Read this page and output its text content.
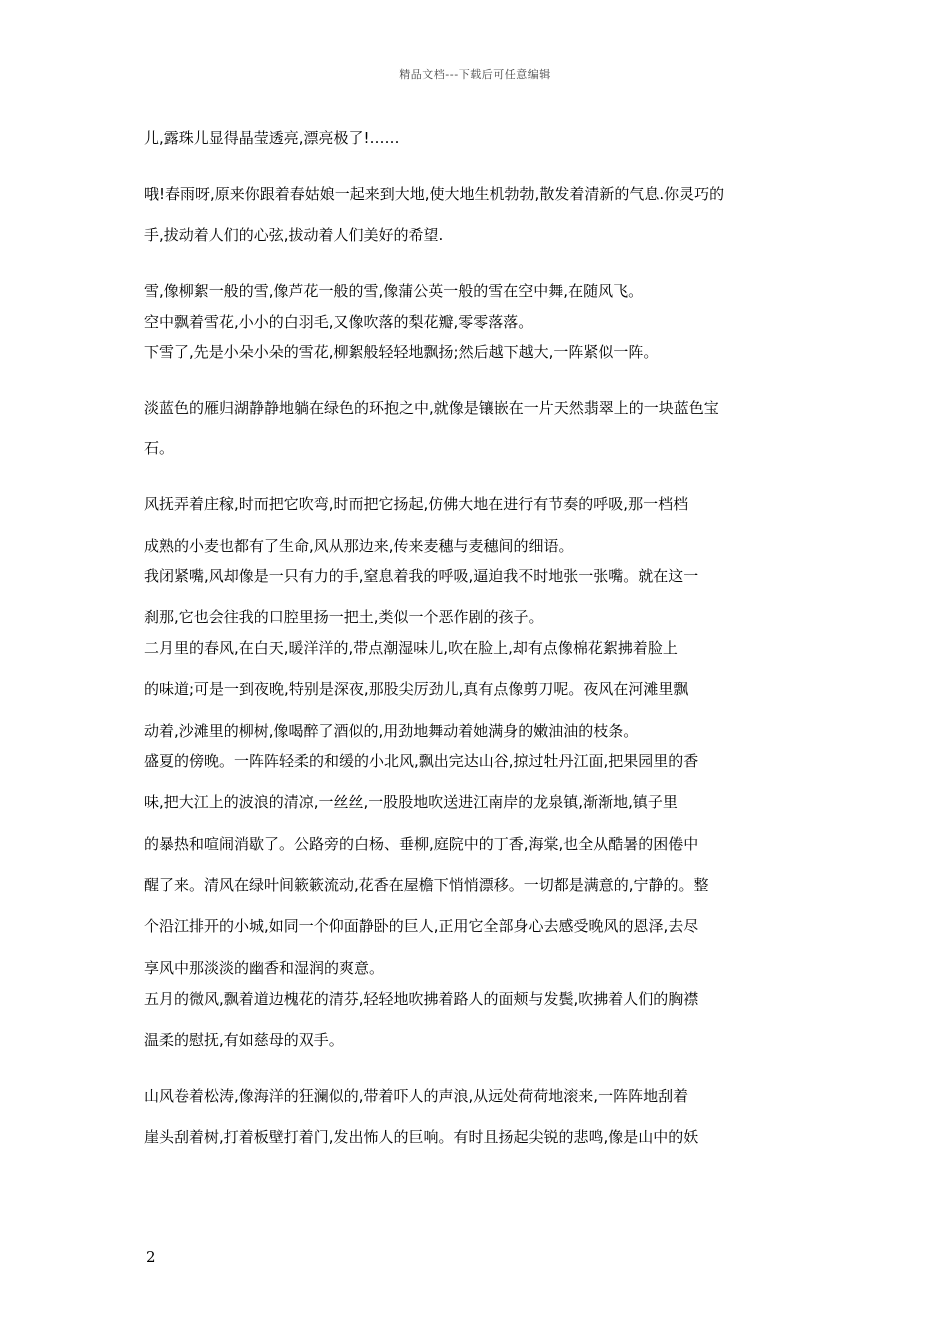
精品文档---下载后可任意编辑

儿,露珠儿显得晶莹透亮,漂亮极了!……

哦!春雨呀,原来你跟着春姑娘一起来到大地,使大地生机勃勃,散发着清新的气息.你灵巧的
手,拔动着人们的心弦,拔动着人们美好的希望.

雪,像柳絮一般的雪,像芦花一般的雪,像蒲公英一般的雪在空中舞,在随风飞。

空中飘着雪花,小小的白羽毛,又像吹落的梨花瓣,零零落落。

下雪了,先是小朵小朵的雪花,柳絮般轻轻地飘扬;然后越下越大,一阵紧似一阵。

淡蓝色的雁归湖静静地躺在绿色的环抱之中,就像是镶嵌在一片天然翡翠上的一块蓝色宝
石。

风抚弄着庄稼,时而把它吹弯,时而把它扬起,仿佛大地在进行有节奏的呼吸,那一档档
成熟的小麦也都有了生命,风从那边来,传来麦穗与麦穗间的细语。

我闭紧嘴,风却像是一只有力的手,窒息着我的呼吸,逼迫我不时地张一张嘴。就在这一
刹那,它也会往我的口腔里扬一把土,类似一个恶作剧的孩子。

二月里的春风,在白天,暖洋洋的,带点潮湿味儿,吹在脸上,却有点像棉花絮拂着脸上
的味道;可是一到夜晚,特别是深夜,那股尖厉劲儿,真有点像剪刀呢。夜风在河滩里飘
动着,沙滩里的柳树,像喝醉了酒似的,用劲地舞动着她满身的嫩油油的枝条。

盛夏的傍晚。一阵阵轻柔的和缓的小北风,飘出完达山谷,掠过牡丹江面,把果园里的香
味,把大江上的波浪的清凉,一丝丝,一股股地吹送进江南岸的龙泉镇,渐渐地,镇子里
的暴热和喧闹消歇了。公路旁的白杨、垂柳,庭院中的丁香,海棠,也全从酷暑的困倦中
醒了来。清风在绿叶间簌簌流动,花香在屋檐下悄悄漂移。一切都是满意的,宁静的。整
个沿江排开的小城,如同一个仰面静卧的巨人,正用它全部身心去感受晚风的恩泽,去尽
享风中那淡淡的幽香和湿润的爽意。

五月的微风,飘着道边槐花的清芬,轻轻地吹拂着路人的面颊与发鬓,吹拂着人们的胸襟
温柔的慰抚,有如慈母的双手。

山风卷着松涛,像海洋的狂澜似的,带着吓人的声浪,从远处荷荷地滚来,一阵阵地刮着
崖头刮着树,打着板壁打着门,发出怖人的巨响。有时且扬起尖锐的悲鸣,像是山中的妖

2
